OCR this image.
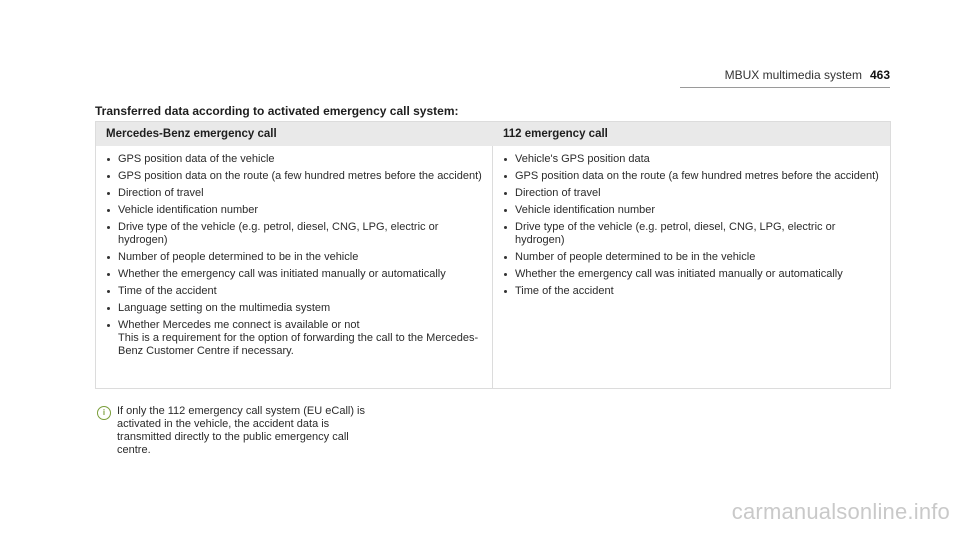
MBUX multimedia system 463
Transferred data according to activated emergency call system:
Mercedes-Benz emergency call	112 emergency call
GPS position data of the vehicle
GPS position data on the route (a few hundred metres before the accident)
Direction of travel
Vehicle identification number
Drive type of the vehicle (e.g. petrol, diesel, CNG, LPG, electric or hydrogen)
Number of people determined to be in the vehicle
Whether the emergency call was initiated manually or automatically
Time of the accident
Language setting on the multimedia system
Whether Mercedes me connect is available or not
This is a requirement for the option of forwarding the call to the Mercedes-Benz Customer Centre if necessary.
Vehicle's GPS position data
GPS position data on the route (a few hundred metres before the accident)
Direction of travel
Vehicle identification number
Drive type of the vehicle (e.g. petrol, diesel, CNG, LPG, electric or hydrogen)
Number of people determined to be in the vehicle
Whether the emergency call was initiated manually or automatically
Time of the accident
i	If only the 112 emergency call system (EU eCall) is activated in the vehicle, the accident data is transmitted directly to the public emergency call centre.
carmanualsonline.info
